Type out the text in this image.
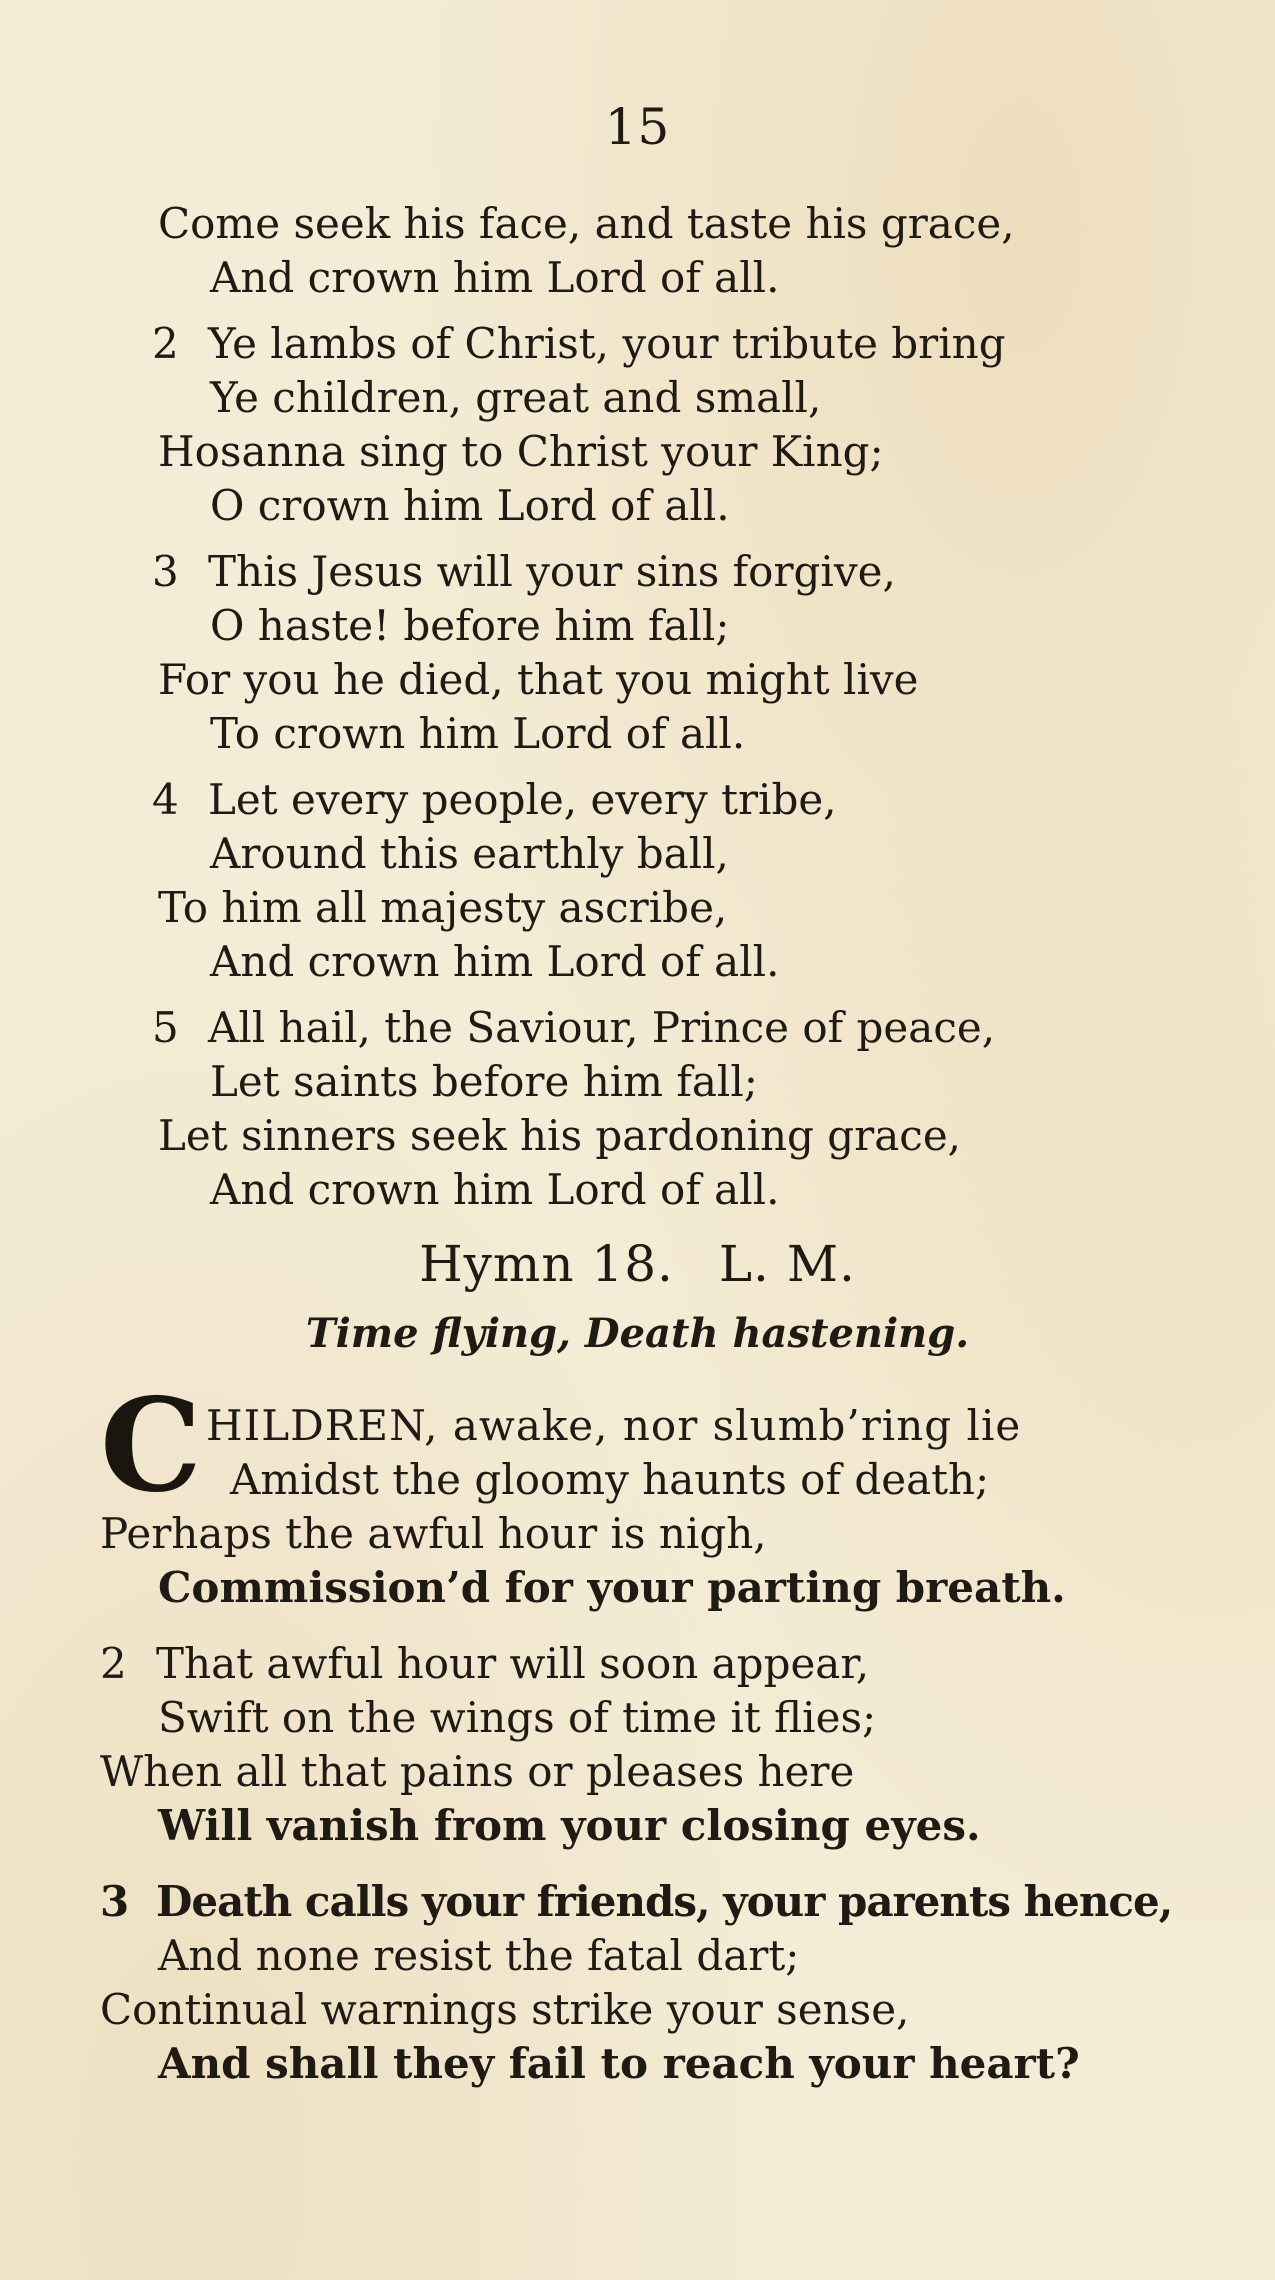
15
Come seek his face, and taste his grace,
And crown him Lord of all.
2 Ye lambs of Christ, your tribute bring
Ye children, great and small,
Hosanna sing to Christ your King;
O crown him Lord of all.
3 This Jesus will your sins forgive,
O haste! before him fall;
For you he died, that you might live
To crown him Lord of all.
4 Let every people, every tribe,
Around this earthly ball,
To him all majesty ascribe,
And crown him Lord of all.
5 All hail, the Saviour, Prince of peace,
Let saints before him fall;
Let sinners seek his pardoning grace,
And crown him Lord of all.
Hymn 18. L. M.
Time flying, Death hastening.
C HILDREN, awake, nor slumb’ring lie
Amidst the gloomy haunts of death;
Perhaps the awful hour is nigh,
Commission’d for your parting breath.
2 That awful hour will soon appear,
Swift on the wings of time it flies;
When all that pains or pleases here
Will vanish from your closing eyes.
3 Death calls your friends, your parents hence,
And none resist the fatal dart;
Continual warnings strike your sense,
And shall they fail to reach your heart?
